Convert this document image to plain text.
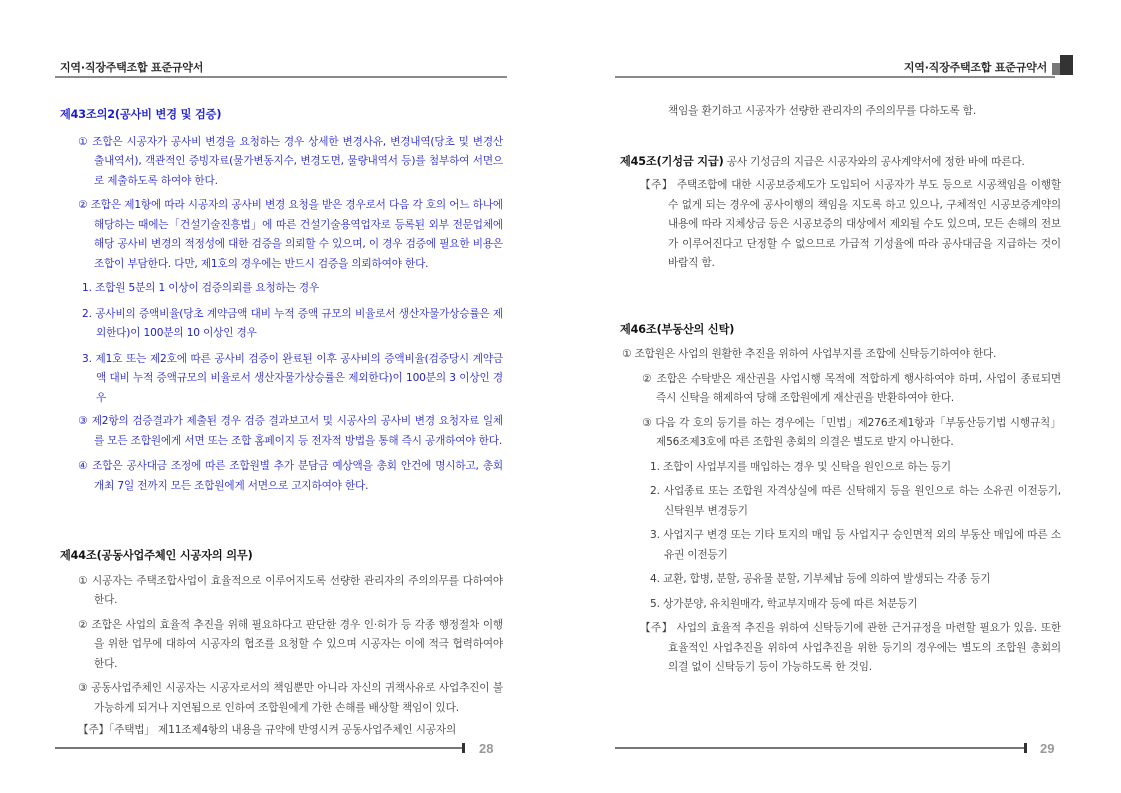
지역·직장주택조합 표준규약서
제43조의2(공사비 변경 및 검증)
① 조합은 시공자가 공사비 변경을 요청하는 경우 상세한 변경사유, 변경내역(당초 및 변경산출내역서), 객관적인 증빙자료(물가변동지수, 변경도면, 물량내역서 등)를 첨부하여 서면으로 제출하도록 하여야 한다.
② 조합은 제1항에 따라 시공자의 공사비 변경 요청을 받은 경우로서 다음 각 호의 어느 하나에 해당하는 때에는「건설기술진흥법」에 따른 건설기술용역업자로 등록된 외부 전문업체에 해당 공사비 변경의 적정성에 대한 검증을 의뢰할 수 있으며, 이 경우 검증에 필요한 비용은 조합이 부담한다. 다만, 제1호의 경우에는 반드시 검증을 의뢰하여야 한다.
1. 조합원 5분의 1 이상이 검증의뢰를 요청하는 경우
2. 공사비의 증액비율(당초 계약금액 대비 누적 증액 규모의 비율로서 생산자물가상승률은 제외한다)이 100분의 10 이상인 경우
3. 제1호 또는 제2호에 따른 공사비 검증이 완료된 이후 공사비의 증액비율(검증당시 계약금액 대비 누적 증액규모의 비율로서 생산자물가상승률은 제외한다)이 100분의 3 이상인 경우
③ 제2항의 검증결과가 제출된 경우 검증 결과보고서 및 시공사의 공사비 변경 요청자료 일체를 모든 조합원에게 서면 또는 조합 홈페이지 등 전자적 방법을 통해 즉시 공개하여야 한다.
④ 조합은 공사대금 조정에 따른 조합원별 추가 분담금 예상액을 총회 안건에 명시하고, 총회 개최 7일 전까지 모든 조합원에게 서면으로 고지하여야 한다.
제44조(공동사업주체인 시공자의 의무)
① 시공자는 주택조합사업이 효율적으로 이루어지도록 선량한 관리자의 주의의무를 다하여야 한다.
② 조합은 사업의 효율적 추진을 위해 필요하다고 판단한 경우 인·허가 등 각종 행정절차 이행을 위한 업무에 대하여 시공자의 협조를 요청할 수 있으며 시공자는 이에 적극 협력하여야 한다.
③ 공동사업주체인 시공자는 시공자로서의 책임뿐만 아니라 자신의 귀책사유로 사업추진이 불가능하게 되거나 지연됨으로 인하여 조합원에게 가한 손해를 배상할 책임이 있다.
【주】「주택법」 제11조제4항의 내용을 규약에 반영시켜 공동사업주체인 시공자의
28
지역·직장주택조합 표준규약서
29
책임을 환기하고 시공자가 선량한 관리자의 주의의무를 다하도록 함.
제45조(기성금 지급) 공사 기성금의 지급은 시공자와의 공사계약서에 정한 바에 따른다.
【주】 주택조합에 대한 시공보증제도가 도입되어 시공자가 부도 등으로 시공책임을 이행할 수 없게 되는 경우에 공사이행의 책임을 지도록 하고 있으나, 구체적인 시공보증계약의 내용에 따라 지체상금 등은 시공보증의 대상에서 제외될 수도 있으며, 모든 손해의 전보가 이루어진다고 단정할 수 없으므로 가급적 기성율에 따라 공사대금을 지급하는 것이 바람직 함.
제46조(부동산의 신탁)
① 조합원은 사업의 원활한 추진을 위하여 사업부지를 조합에 신탁등기하여야 한다.
② 조합은 수탁받은 재산권을 사업시행 목적에 적합하게 행사하여야 하며, 사업이 종료되면 즉시 신탁을 해제하여 당해 조합원에게 재산권을 반환하여야 한다.
③ 다음 각 호의 등기를 하는 경우에는「민법」제276조제1항과「부동산등기법 시행규칙」제56조제3호에 따른 조합원 총회의 의결은 별도로 받지 아니한다.
1. 조합이 사업부지를 매입하는 경우 및 신탁을 원인으로 하는 등기
2. 사업종료 또는 조합원 자격상실에 따른 신탁해지 등을 원인으로 하는 소유권 이전등기, 신탁원부 변경등기
3. 사업지구 변경 또는 기타 토지의 매입 등 사업지구 승인면적 외의 부동산 매입에 따른 소유권 이전등기
4. 교환, 합병, 분할, 공유물 분할, 기부체납 등에 의하여 발생되는 각종 등기
5. 상가분양, 유치원매각, 학교부지매각 등에 따른 처분등기
【주】 사업의 효율적 추진을 위하여 신탁등기에 관한 근거규정을 마련할 필요가 있음. 또한 효율적인 사업추진을 위하여 사업추진을 위한 등기의 경우에는 별도의 조합원 총회의 의결 없이 신탁등기 등이 가능하도록 한 것임.
